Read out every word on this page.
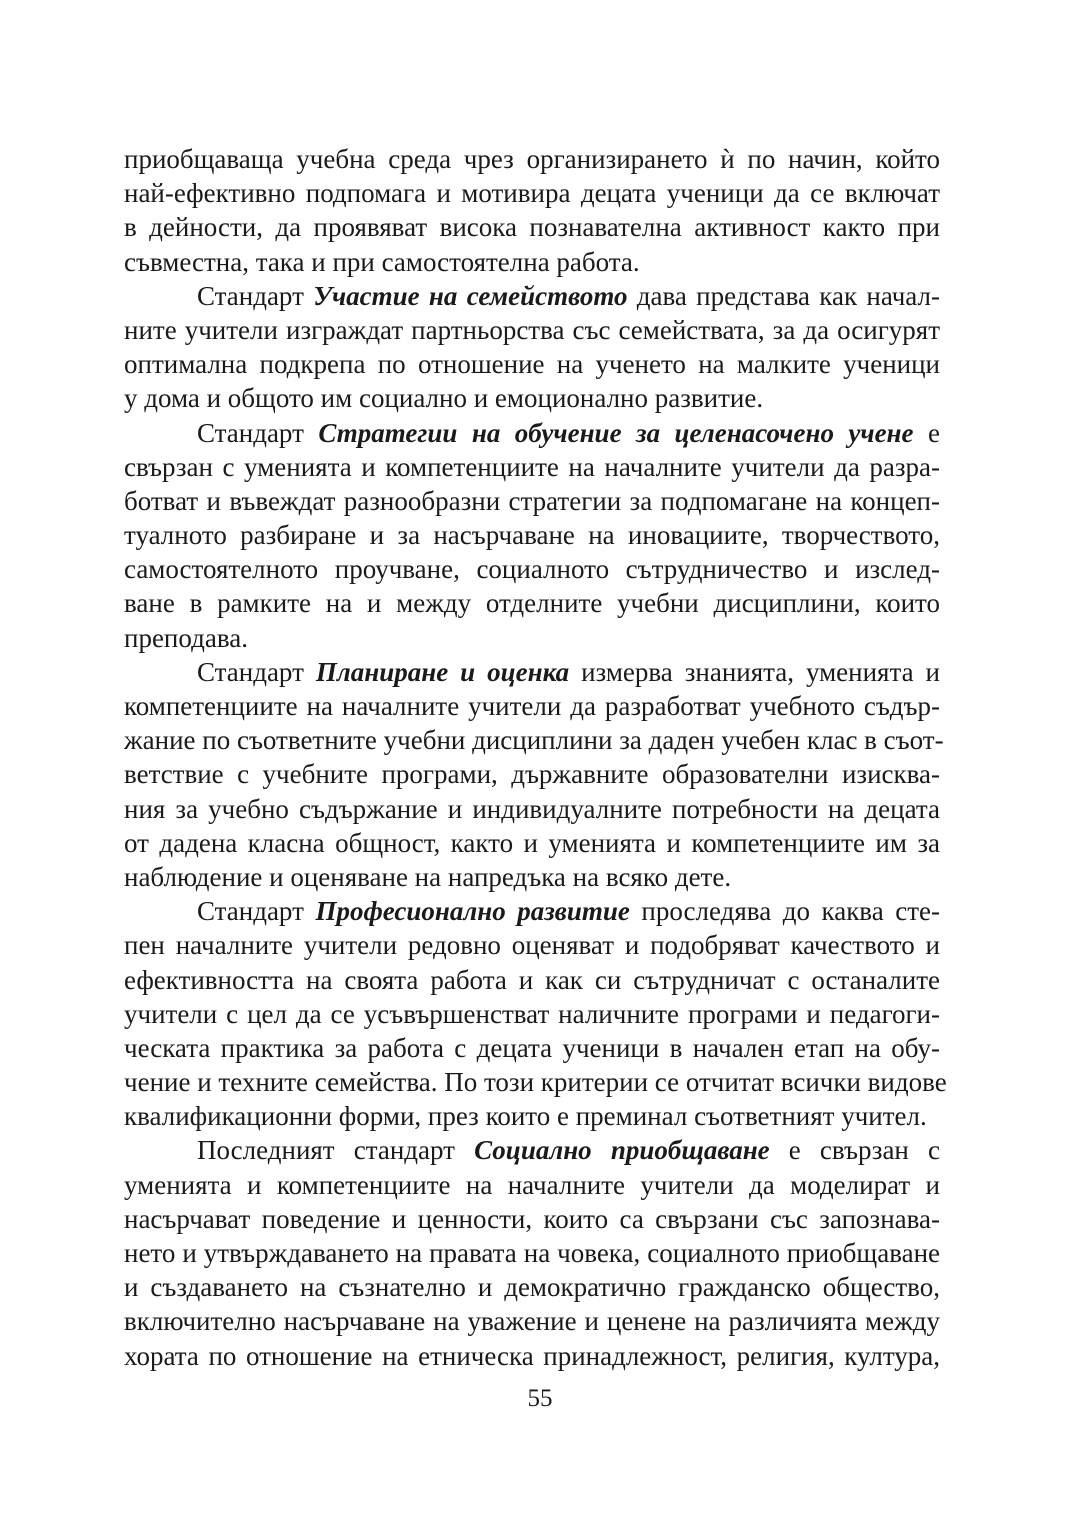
приобщаваща учебна среда чрез организирането ѝ по начин, който
най-ефективно подпомага и мотивира децата ученици да се включат
в дейности, да проявяват висока познавателна активност както при
съвместна, така и при самостоятелна работа.
Стандарт Участие на семейството дава представа как начал-
ните учители изграждат партньорства със семействата, за да осигурят
оптимална подкрепа по отношение на ученето на малките ученици
у дома и общото им социално и емоционално развитие.
Стандарт Стратегии на обучение за целенасочено учене е
свързан с уменията и компетенциите на началните учители да разра-
ботват и въвеждат разнообразни стратегии за подпомагане на концеп-
туалното разбиране и за насърчаване на иновациите, творчеството,
самостоятелното проучване, социалното сътрудничество и изслед-
ване в рамките на и между отделните учебни дисциплини, които
преподава.
Стандарт Планиране и оценка измерва знанията, уменията и
компетенциите на началните учители да разработват учебното съдър-
жание по съответните учебни дисциплини за даден учебен клас в съот-
ветствие с учебните програми, държавните образователни изисква-
ния за учебно съдържание и индивидуалните потребности на децата
от дадена класна общност, както и уменията и компетенциите им за
наблюдение и оценяване на напредъка на всяко дете.
Стандарт Професионално развитие проследява до каква сте-
пен началните учители редовно оценяват и подобряват качеството и
ефективността на своята работа и как си сътрудничат с останалите
учители с цел да се усъвършенстват наличните програми и педагоги-
ческата практика за работа с децата ученици в начален етап на обу-
чение и техните семейства. По този критерии се отчитат всички видове
квалификационни форми, през които е преминал съответният учител.
Последният стандарт Социално приобщаване е свързан с
уменията и компетенциите на началните учители да моделират и
насърчават поведение и ценности, които са свързани със запознава-
нето и утвърждаването на правата на човека, социалното приобщаване
и създаването на съзнателно и демократично гражданско общество,
включително насърчаване на уважение и ценене на различията между
хората по отношение на етническа принадлежност, религия, култура,
55
